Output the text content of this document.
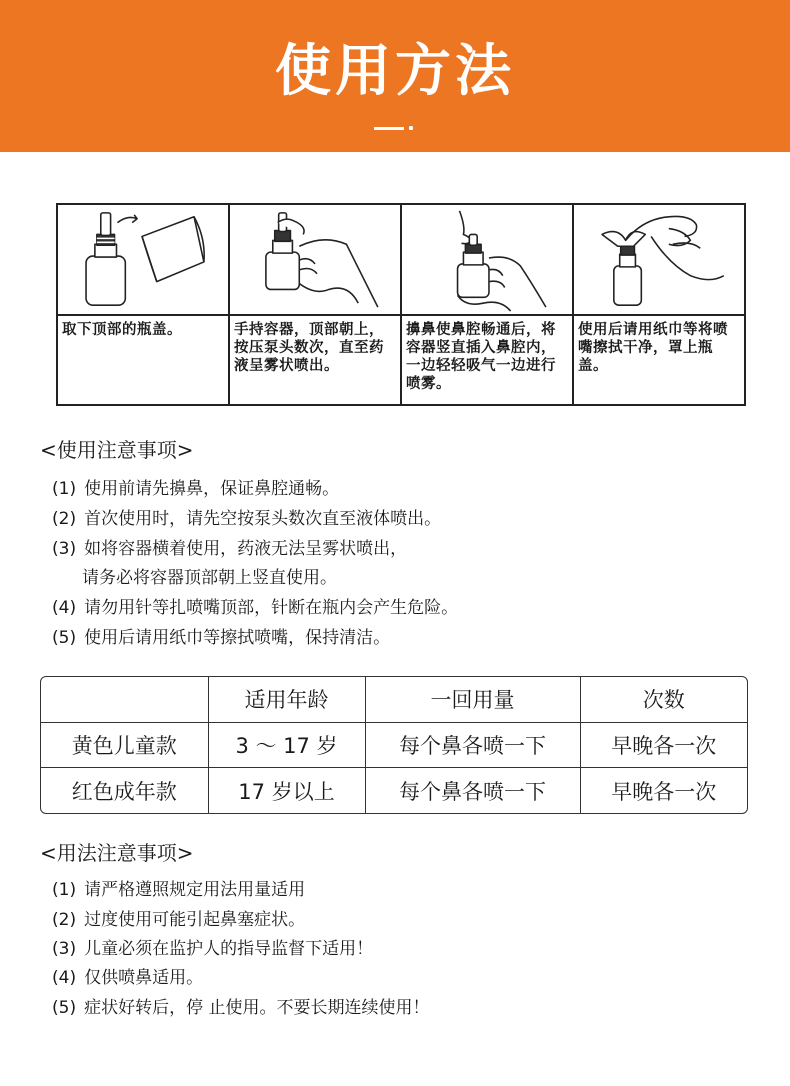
使用方法
取下顶部的瓶盖。	手持容器，顶部朝上，按压泵头数次，直至药液呈雾状喷出。
擤鼻使鼻腔畅通后，将容器竖直插入鼻腔内，一边轻轻吸气一边进行喷雾。
使用后请用纸巾等将喷嘴擦拭干净，罩上瓶盖。
<使用注意事项>
(1) 使用前请先擤鼻，保证鼻腔通畅。
(2) 首次使用时，请先空按泵头数次直至液体喷出。
(3) 如将容器横着使用，药液无法呈雾状喷出，
请务必将容器顶部朝上竖直使用。
(4) 请勿用针等扎喷嘴顶部，针断在瓶内会产生危险。
(5) 使用后请用纸巾等擦拭喷嘴，保持清洁。
	适用年龄	一回用量	次数
黄色儿童款	3 ～ 17 岁	每个鼻各喷一下	早晚各一次
红色成年款	17 岁以上	每个鼻各喷一下	早晚各一次
<用法注意事项>
(1) 请严格遵照规定用法用量适用
(2) 过度使用可能引起鼻塞症状。
(3) 儿童必须在监护人的指导监督下适用！
(4) 仅供喷鼻适用。
(5) 症状好转后，停 止使用。不要长期连续使用！
